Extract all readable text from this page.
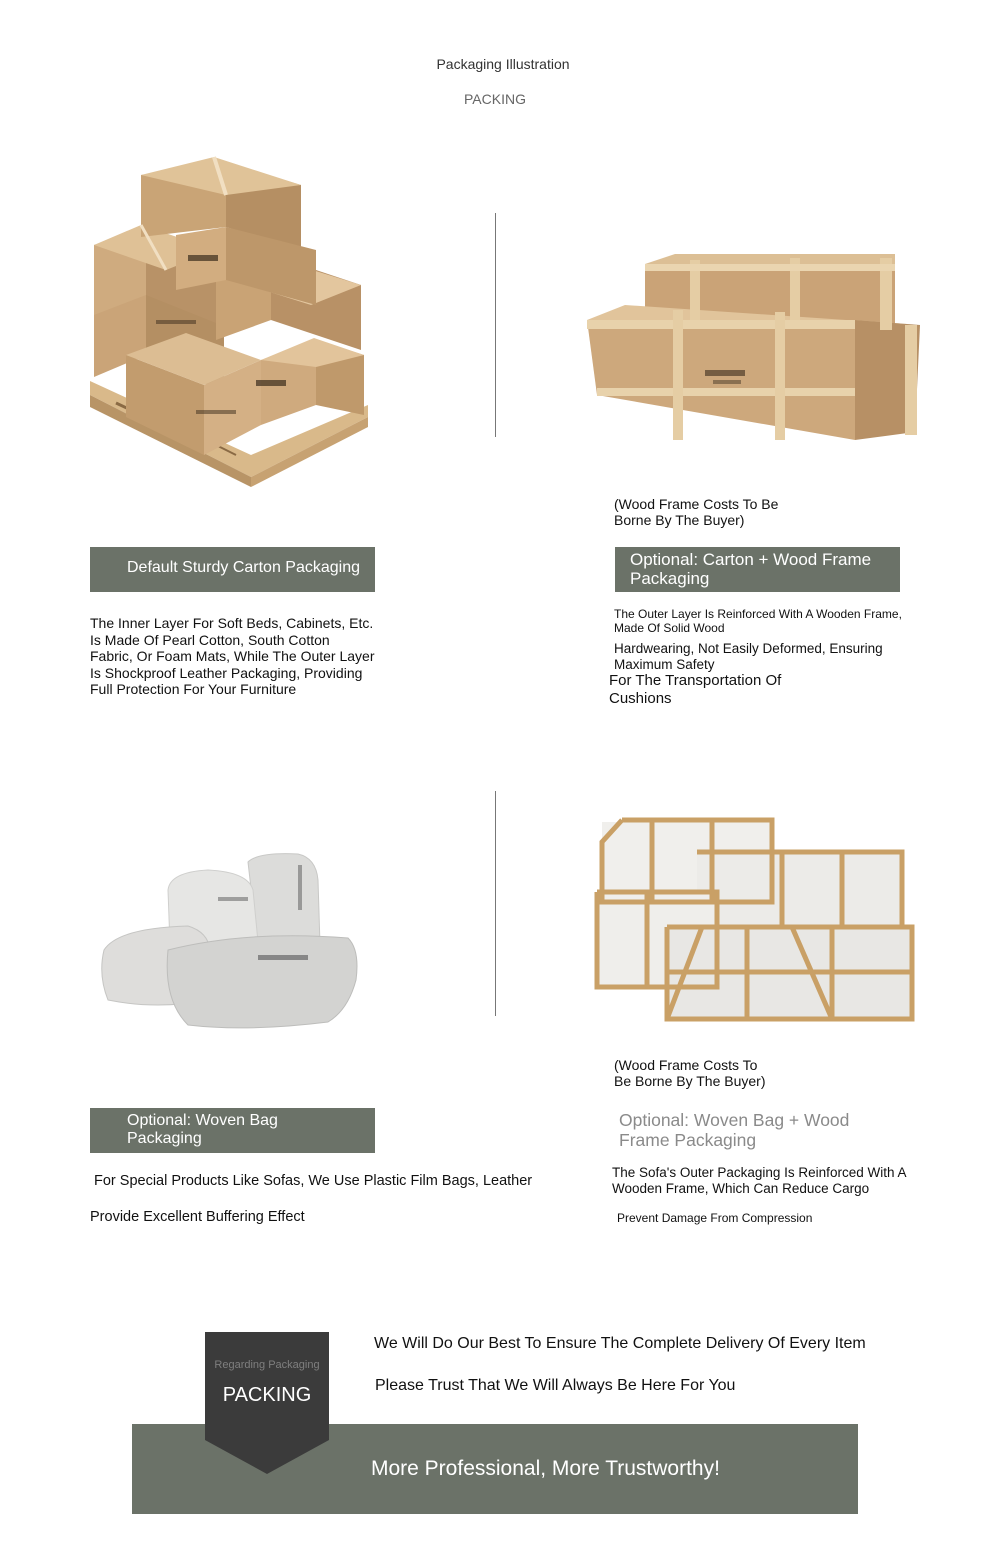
Packaging Illustration
PACKING
Default Sturdy Carton Packaging
The Inner Layer For Soft Beds, Cabinets, Etc.
Is Made Of Pearl Cotton, South Cotton
Fabric, Or Foam Mats, While The Outer Layer
Is Shockproof Leather Packaging, Providing
Full Protection For Your Furniture
(Wood Frame Costs To Be
Borne By The Buyer)
Optional: Carton + Wood Frame
Packaging
The Outer Layer Is Reinforced With A Wooden Frame,
Made Of Solid Wood
Hardwearing, Not Easily Deformed, Ensuring
Maximum Safety
For The Transportation Of
Cushions
Optional: Woven Bag
Packaging
For Special Products Like Sofas, We Use Plastic Film Bags, Leather
Provide Excellent Buffering Effect
(Wood Frame Costs To
Be Borne By The Buyer)
Optional: Woven Bag + Wood
Frame Packaging
The Sofa's Outer Packaging Is Reinforced With A
Wooden Frame, Which Can Reduce Cargo
Prevent Damage From Compression
More Professional, More Trustworthy!
Regarding Packaging
PACKING
We Will Do Our Best To Ensure The Complete Delivery Of Every Item
Please Trust That We Will Always Be Here For You
